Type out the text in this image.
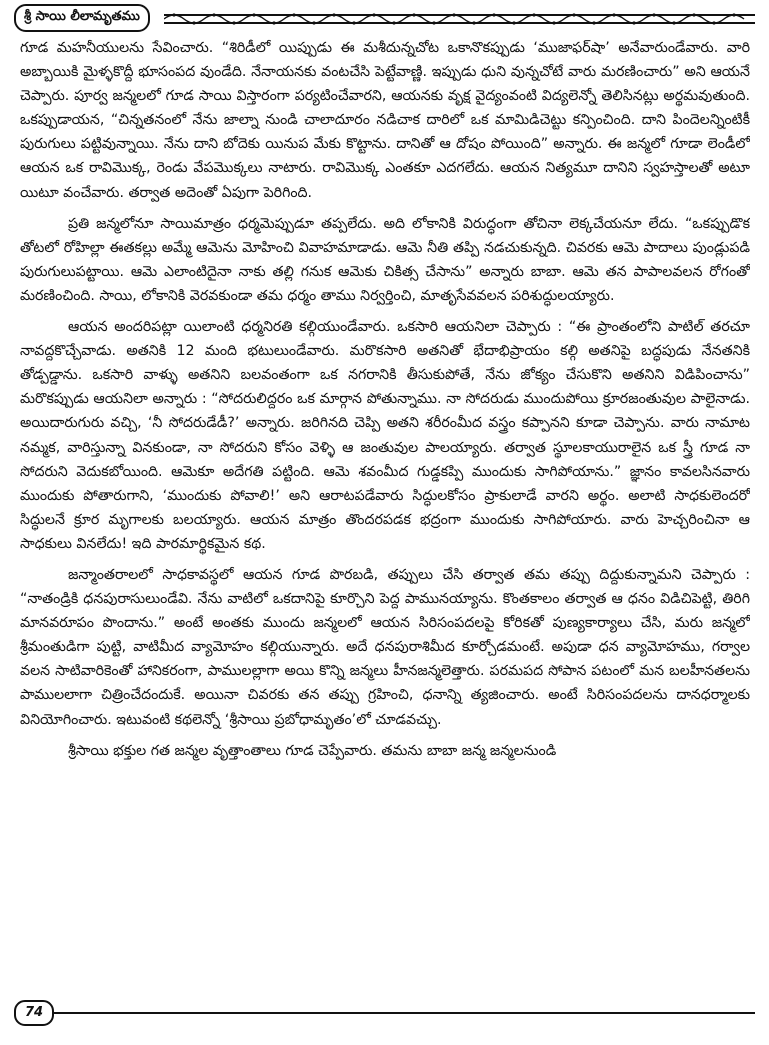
శ్రీ సాయి లీలామృతము

గూడ మహనీయులను సేవించారు. “శిరిడీలో యిప్పుడు ఈ మశీదున్నచోట ఒకానొకప్పుడు ‘ముజాఫర్‌షా’ అనేవారుండేవారు. వారి అబ్బాయికి మైళ్ళకొద్దీ భూసంపద వుండేది. నేనాయనకు వంటచేసి పెట్టేవాణ్ణి. ఇప్పుడు ధుని వున్నచోటే వారు మరణించారు” అని ఆయనే చెప్పారు. పూర్వ జన్మలలో గూడ సాయి విస్తారంగా పర్యటించేవారని, ఆయనకు వృక్ష వైద్యంవంటి విద్యలెన్నో తెలిసినట్లు అర్థమవుతుంది. ఒకప్పుడాయన, “చిన్నతనంలో నేను జాల్నా నుండి చాలాదూరం నడిచాక దారిలో ఒక మామిడిచెట్టు కన్పించింది. దాని పిందెలన్నింటికీ పురుగులు పట్టివున్నాయి. నేను దాని బోదెకు యినుప మేకు కొట్టాను. దానితో ఆ దోషం పోయింది” అన్నారు. ఈ జన్మలో గూడా లెండీలో ఆయన ఒక రావిమొక్క, రెండు వేపమొక్కలు నాటారు. రావిమొక్క ఎంతకూ ఎదగలేదు. ఆయన నిత్యమూ దానిని స్వహస్తాలతో అటూ యిటూ వంచేవారు. తర్వాత అదెంతో ఏపుగా పెరిగింది.

ప్రతి జన్మలోనూ సాయిమాత్రం ధర్మమెప్పుడూ తప్పలేదు. అది లోకానికి విరుద్ధంగా తోచినా లెక్కచేయనూ లేదు. “ఒకప్పుడొక తోటలో రోహిల్లా ఈతకల్లు అమ్మే ఆమెను మోహించి వివాహమాడాడు. ఆమె నీతి తప్పి నడచుకున్నది. చివరకు ఆమె పాదాలు పుండ్లుపడి పురుగులుపట్టాయి. ఆమె ఎలాంటిదైనా నాకు తల్లి గనుక ఆమెకు చికిత్స చేసాను” అన్నారు బాబా. ఆమె తన పాపాలవలన రోగంతో మరణించింది. సాయి, లోకానికి వెరవకుండా తమ ధర్మం తాము నిర్వర్తించి, మాతృసేవవలన పరిశుద్ధులయ్యారు.

ఆయన అందరిపట్లా యిలాంటి ధర్మనిరతి కల్గియుండేవారు. ఒకసారి ఆయనిలా చెప్పారు : “ఈ ప్రాంతంలోని పాటిల్ తరచూ నావద్దకొచ్చేవాడు. అతనికి 12 మంది భటులుండేవారు. మరొకసారి అతనితో భేదాభిప్రాయం కల్గి అతనిపై బద్ధపుడు నేనతనికి తోడ్పడ్డాను. ఒకసారి వాళ్ళు అతనిని బలవంతంగా ఒక నగరానికి తీసుకుపోతే, నేను జోక్యం చేసుకొని అతనిని విడిపించాను” మరొకప్పుడు ఆయనిలా అన్నారు : “సోదరులిద్దరం ఒక మార్గాన పోతున్నాము. నా సోదరుడు ముందుపోయి క్రూరజంతువుల పాలైనాడు. అయిదారుగురు వచ్చి, ‘నీ సోదరుడేడీ?’ అన్నారు. జరిగినది చెప్పి అతని శరీరంమీద వస్త్రం కప్పానని కూడా చెప్పాను. వారు నామాట నమ్మక, వారిస్తున్నా వినకుండా, నా సోదరుని కోసం వెళ్ళి ఆ జంతువుల పాలయ్యారు. తర్వాత స్థూలకాయురాలైన ఒక స్త్రీ గూడ నా సోదరుని వెదుకబోయింది. ఆమెకూ అదేగతి పట్టింది. ఆమె శవంమీద గుడ్డకప్పి ముందుకు సాగిపోయాను.” జ్ఞానం కావలసినవారు ముందుకు పోతారుగాని, ‘ముందుకు పోవాలి!’ అని ఆరాటపడేవారు సిద్ధులకోసం ప్రాకులాడే వారని అర్థం. అలాటి సాధకులెందరో సిద్ధులనే క్రూర మృగాలకు బలయ్యారు. ఆయన మాత్రం తొందరపడక భద్రంగా ముందుకు సాగిపోయారు. వారు హెచ్చరించినా ఆ సాధకులు వినలేదు! ఇది పారమార్థికమైన కథ.

జన్మాంతరాలలో సాధకావస్థలో ఆయన గూడ పొరబడి, తప్పులు చేసి తర్వాత తమ తప్పు దిద్దుకున్నామని చెప్పారు : “నాతండ్రికి ధనపురాసులుండేవి. నేను వాటిలో ఒకదానిపై కూర్చొని పెద్ద పామునయ్యాను. కొంతకాలం తర్వాత ఆ ధనం విడిచిపెట్టి, తిరిగి మానవరూపం పొందాను.” అంటే అంతకు ముందు జన్మలలో ఆయన సిరిసంపదలపై కోరికతో పుణ్యకార్యాలు చేసి, మరు జన్మలో శ్రీమంతుడిగా పుట్టి, వాటిమీద వ్యామోహం కల్గియున్నారు. అదే ధనపురాశిమీద కూర్చోడమంటే. అపుడా ధన వ్యామోహము, గర్వాల వలన సాటివారికెంతో హానికరంగా, పాములల్లాగా అయి కొన్ని జన్మలు హీనజన్మలెత్తారు. పరమపద సోపాన పటంలో మన బలహీనతలను పాములలాగా చిత్రించేదందుకే. అయినా చివరకు తన తప్పు గ్రహించి, ధనాన్ని త్యజించారు. అంటే సిరిసంపదలను దానధర్మాలకు వినియోగించారు. ఇటువంటి కథలెన్నో ‘శ్రీసాయి ప్రబోధామృతం’లో చూడవచ్చు.

శ్రీసాయి భక్తుల గత జన్మల వృత్తాంతాలు గూడ చెప్పేవారు. తమను బాబా జన్మ జన్మలనుండి

74
